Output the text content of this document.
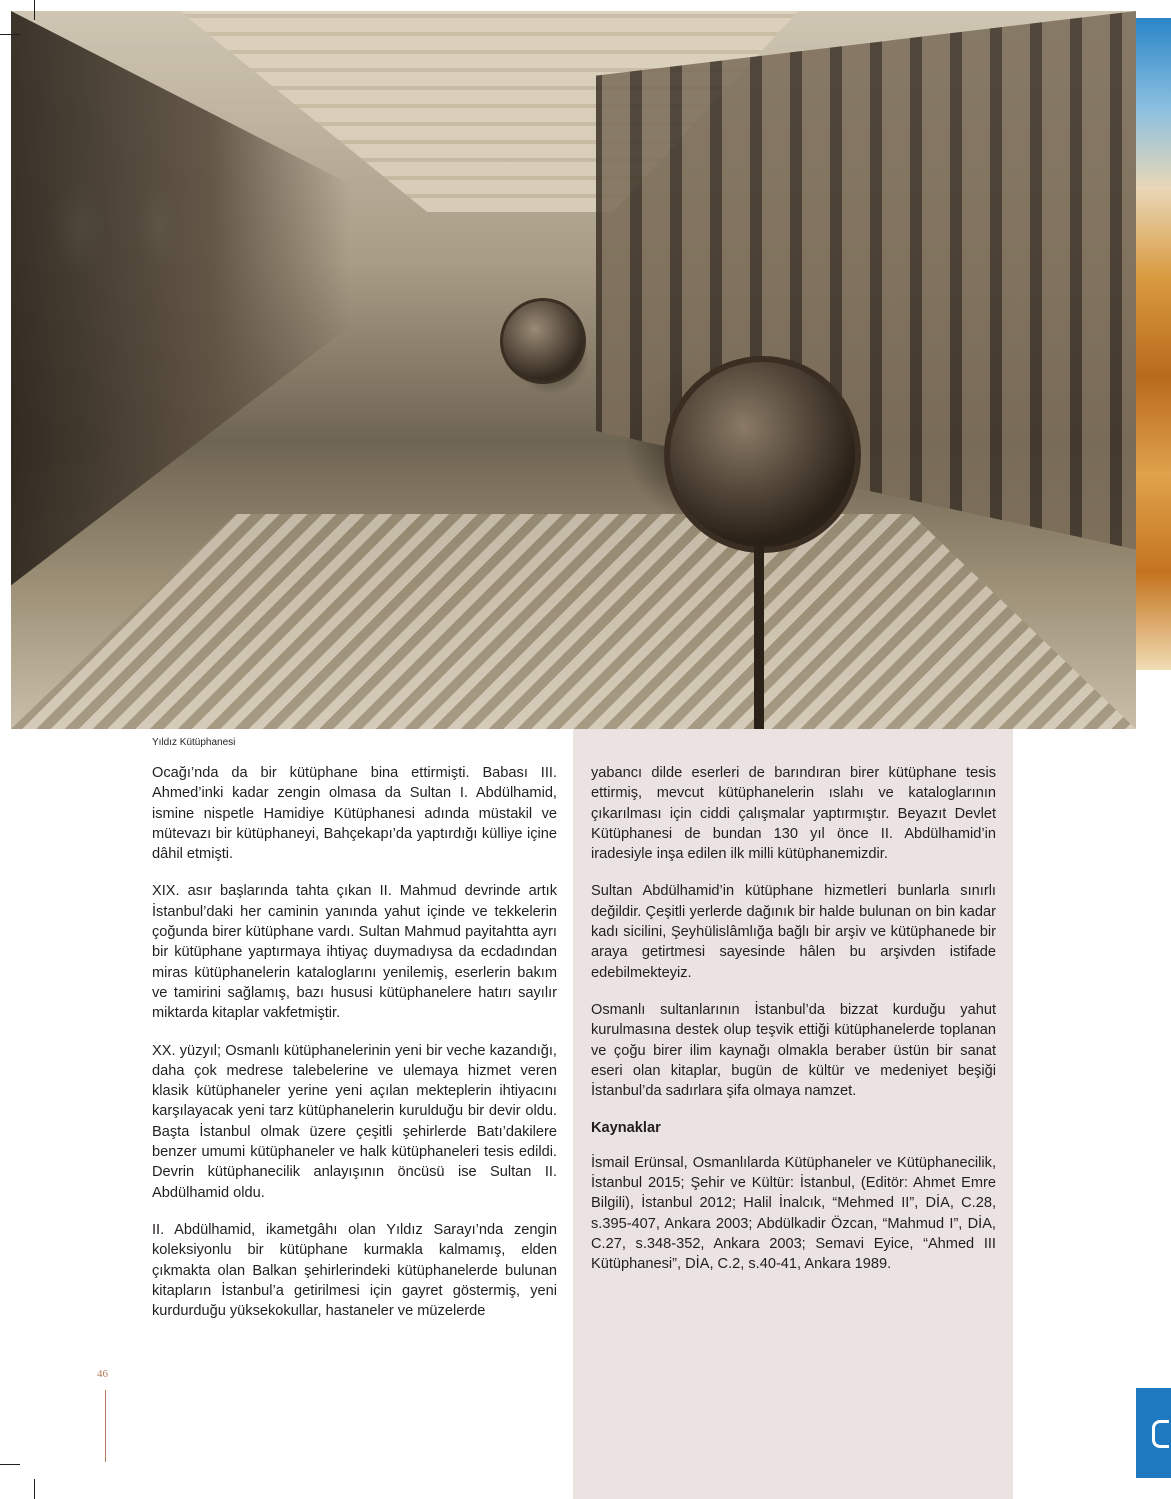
Yıldız Kütüphanesi

Ocağı’nda da bir kütüphane bina ettirmişti. Babası III. Ahmed’inki kadar zengin olmasa da Sultan I. Abdülhamid, ismine nispetle Hamidiye Kütüphanesi adında müstakil ve mütevazı bir kütüphaneyi, Bahçekapı’da yaptırdığı külliye içine dâhil etmişti.

XIX. asır başlarında tahta çıkan II. Mahmud devrinde artık İstanbul’daki her caminin yanında yahut içinde ve tekkelerin çoğunda birer kütüphane vardı. Sultan Mahmud payitahtta ayrı bir kütüphane yaptırmaya ihtiyaç duymadıysa da ecdadından miras kütüphanelerin kataloglarını yenilemiş, eserlerin bakım ve tamirini sağlamış, bazı hususi kütüphanelere hatırı sayılır miktarda kitaplar vakfetmiştir.

XX. yüzyıl; Osmanlı kütüphanelerinin yeni bir veche kazandığı, daha çok medrese talebelerine ve ulemaya hizmet veren klasik kütüphaneler yerine yeni açılan mekteplerin ihtiyacını karşılayacak yeni tarz kütüphanelerin kurulduğu bir devir oldu. Başta İstanbul olmak üzere çeşitli şehirlerde Batı’dakilere benzer umumi kütüphaneler ve halk kütüphaneleri tesis edildi. Devrin kütüphanecilik anlayışının öncüsü ise Sultan II. Abdülhamid oldu.

II. Abdülhamid, ikametgâhı olan Yıldız Sarayı’nda zengin koleksiyonlu bir kütüphane kurmakla kalmamış, elden çıkmakta olan Balkan şehirlerindeki kütüphanelerde bulunan kitapların İstanbul’a getirilmesi için gayret göstermiş, yeni kurdurduğu yüksekokullar, hastaneler ve müzelerde

yabancı dilde eserleri de barındıran birer kütüphane tesis ettirmiş, mevcut kütüphanelerin ıslahı ve kataloglarının çıkarılması için ciddi çalışmalar yaptırmıştır. Beyazıt Devlet Kütüphanesi de bundan 130 yıl önce II. Abdülhamid’in iradesiyle inşa edilen ilk milli kütüphanemizdir.

Sultan Abdülhamid’in kütüphane hizmetleri bunlarla sınırlı değildir. Çeşitli yerlerde dağınık bir halde bulunan on bin kadar kadı sicilini, Şeyhülislâmlığa bağlı bir arşiv ve kütüphanede bir araya getirtmesi sayesinde hâlen bu arşivden istifade edebilmekteyiz.

Osmanlı sultanlarının İstanbul’da bizzat kurduğu yahut kurulmasına destek olup teşvik ettiği kütüphanelerde toplanan ve çoğu birer ilim kaynağı olmakla beraber üstün bir sanat eseri olan kitaplar, bugün de kültür ve medeniyet beşiği İstanbul’da sadırlara şifa olmaya namzet.

Kaynaklar

İsmail Erünsal, Osmanlılarda Kütüphaneler ve Kütüphanecilik, İstanbul 2015; Şehir ve Kültür: İstanbul, (Editör: Ahmet Emre Bilgili), İstanbul 2012; Halil İnalcık, “Mehmed II”, DİA, C.28, s.395-407, Ankara 2003; Abdülkadir Özcan, “Mahmud I”, DİA, C.27, s.348-352, Ankara 2003; Semavi Eyice, “Ahmed III Kütüphanesi”, DİA, C.2, s.40-41, Ankara 1989.

46
